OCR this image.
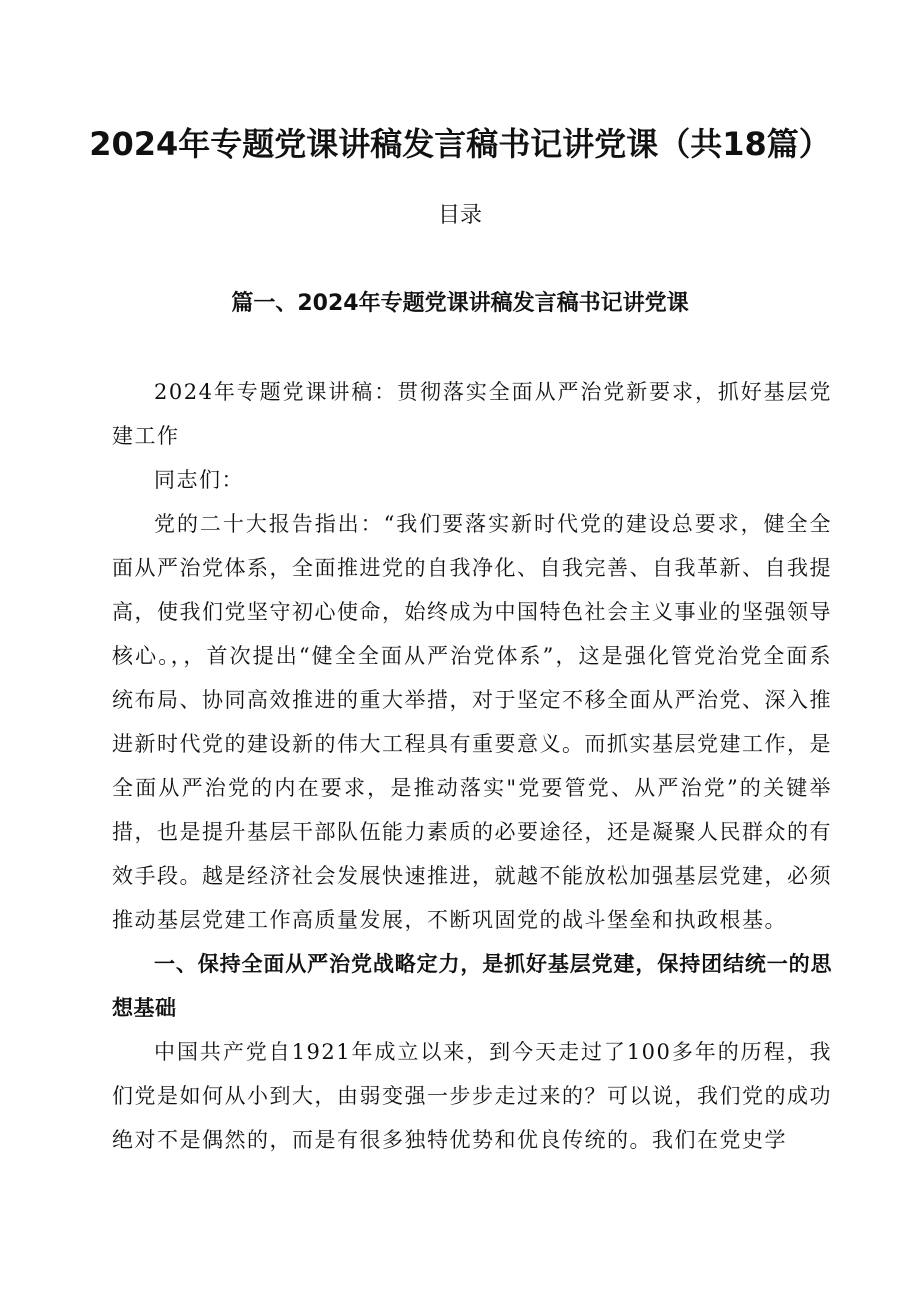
2024年专题党课讲稿发言稿书记讲党课（共18篇）
目录
篇一、2024年专题党课讲稿发言稿书记讲党课

2024年专题党课讲稿：贯彻落实全面从严治党新要求，抓好基层党建工作

同志们：

党的二十大报告指出：“我们要落实新时代党的建设总要求，健全全面从严治党体系，全面推进党的自我净化、自我完善、自我革新、自我提高，使我们党坚守初心使命，始终成为中国特色社会主义事业的坚强领导核心。，，首次提出“健全全面从严治党体系”，这是强化管党治党全面系统布局、协同高效推进的重大举措，对于坚定不移全面从严治党、深入推进新时代党的建设新的伟大工程具有重要意义。而抓实基层党建工作，是全面从严治党的内在要求，是推动落实"党要管党、从严治党”的关键举措，也是提升基层干部队伍能力素质的必要途径，还是凝聚人民群众的有效手段。越是经济社会发展快速推进，就越不能放松加强基层党建，必须推动基层党建工作高质量发展，不断巩固党的战斗堡垒和执政根基。

一、保持全面从严治党战略定力，是抓好基层党建，保持团结统一的思想基础

中国共产党自1921年成立以来，到今天走过了100多年的历程，我们党是如何从小到大，由弱变强一步步走过来的？可以说，我们党的成功绝对不是偶然的，而是有很多独特优势和优良传统的。我们在党史学
